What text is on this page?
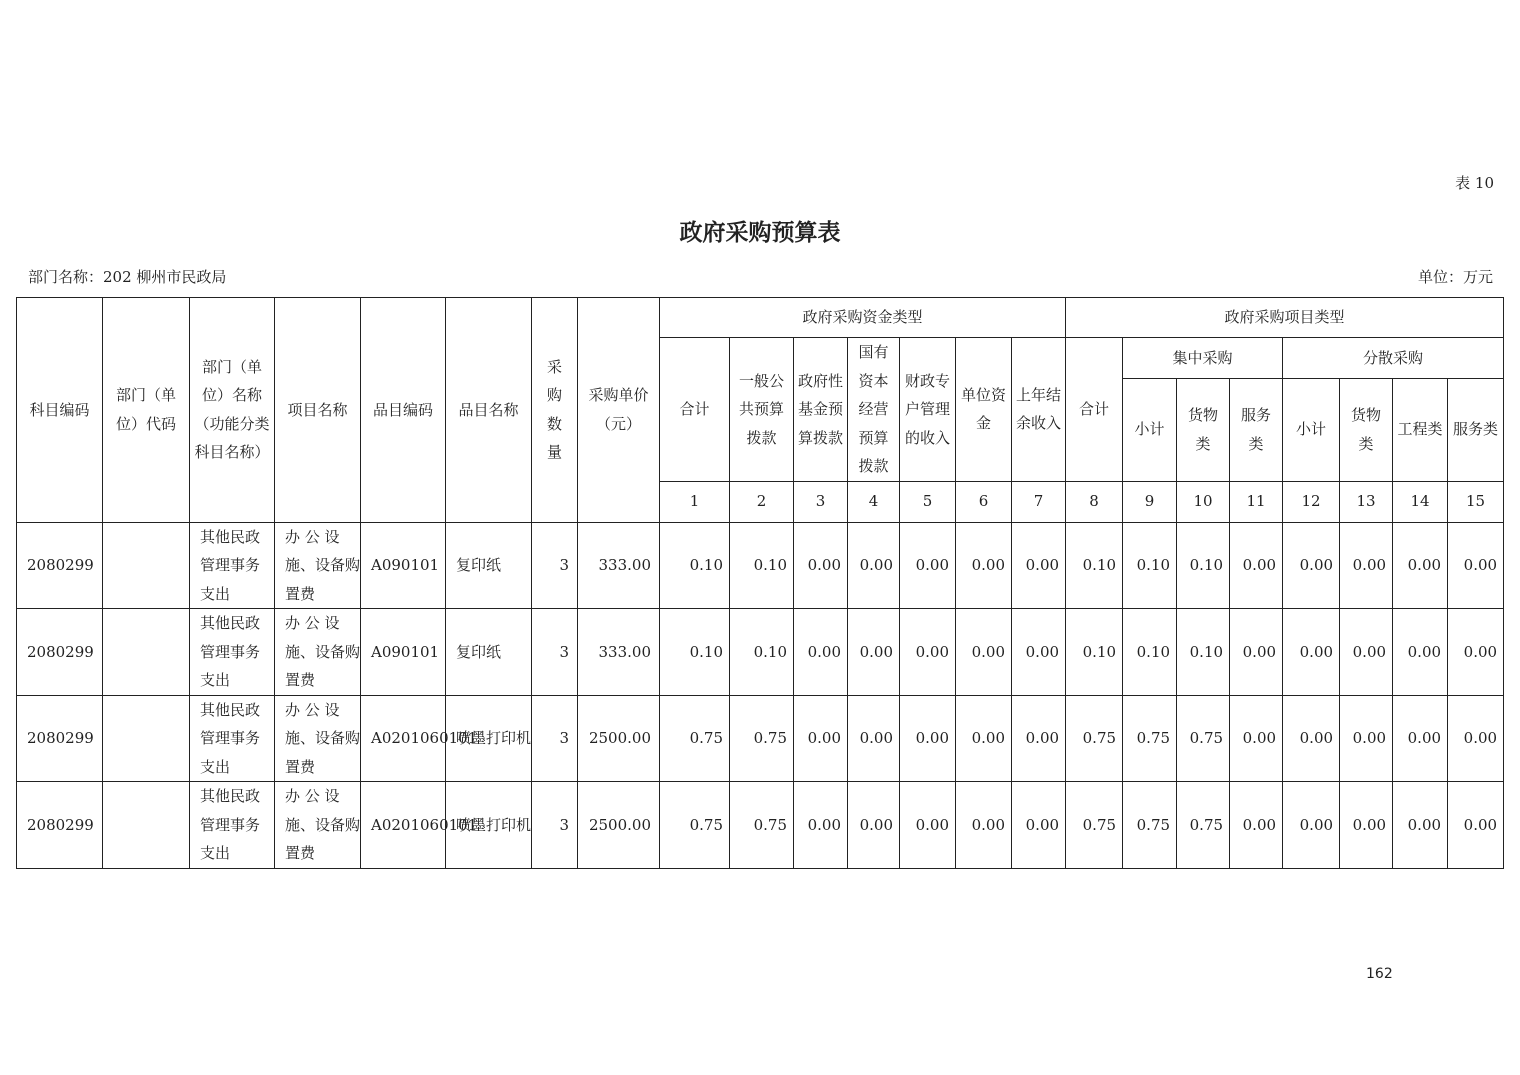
表 10
政府采购预算表
部门名称：202 柳州市民政局	单位：万元
科目编码	部门（单位）代码	部门（单位）名称（功能分类科目名称）	项目名称	品目编码	品目名称	采购数量	采购单价（元）	政府采购资金类型							政府采购项目类型							
								合计	一般公共预算拨款	政府性基金预算拨款	国有资本经营预算拨款	财政专户管理的收入	单位资金	上年结余收入	合计	集中采购			分散采购			
																小计	货物类	服务类	小计	货物类	工程类	服务类
								1	2	3	4	5	6	7	8	9	10	11	12	13	14	15
2080299		其他民政管理事务支出	办 公 设施、设备购置费	A090101	复印纸	3	333.00	0.10	0.10	0.00	0.00	0.00	0.00	0.00	0.10	0.10	0.10	0.00	0.00	0.00	0.00	0.00
2080299		其他民政管理事务支出	办 公 设施、设备购置费	A090101	复印纸	3	333.00	0.10	0.10	0.00	0.00	0.00	0.00	0.00	0.10	0.10	0.10	0.00	0.00	0.00	0.00	0.00
2080299		其他民政管理事务支出	办 公 设施、设备购置费	A0201060101	喷墨打印机	3	2500.00	0.75	0.75	0.00	0.00	0.00	0.00	0.00	0.75	0.75	0.75	0.00	0.00	0.00	0.00	0.00
2080299		其他民政管理事务支出	办 公 设施、设备购置费	A0201060101	喷墨打印机	3	2500.00	0.75	0.75	0.00	0.00	0.00	0.00	0.00	0.75	0.75	0.75	0.00	0.00	0.00	0.00	0.00
162
